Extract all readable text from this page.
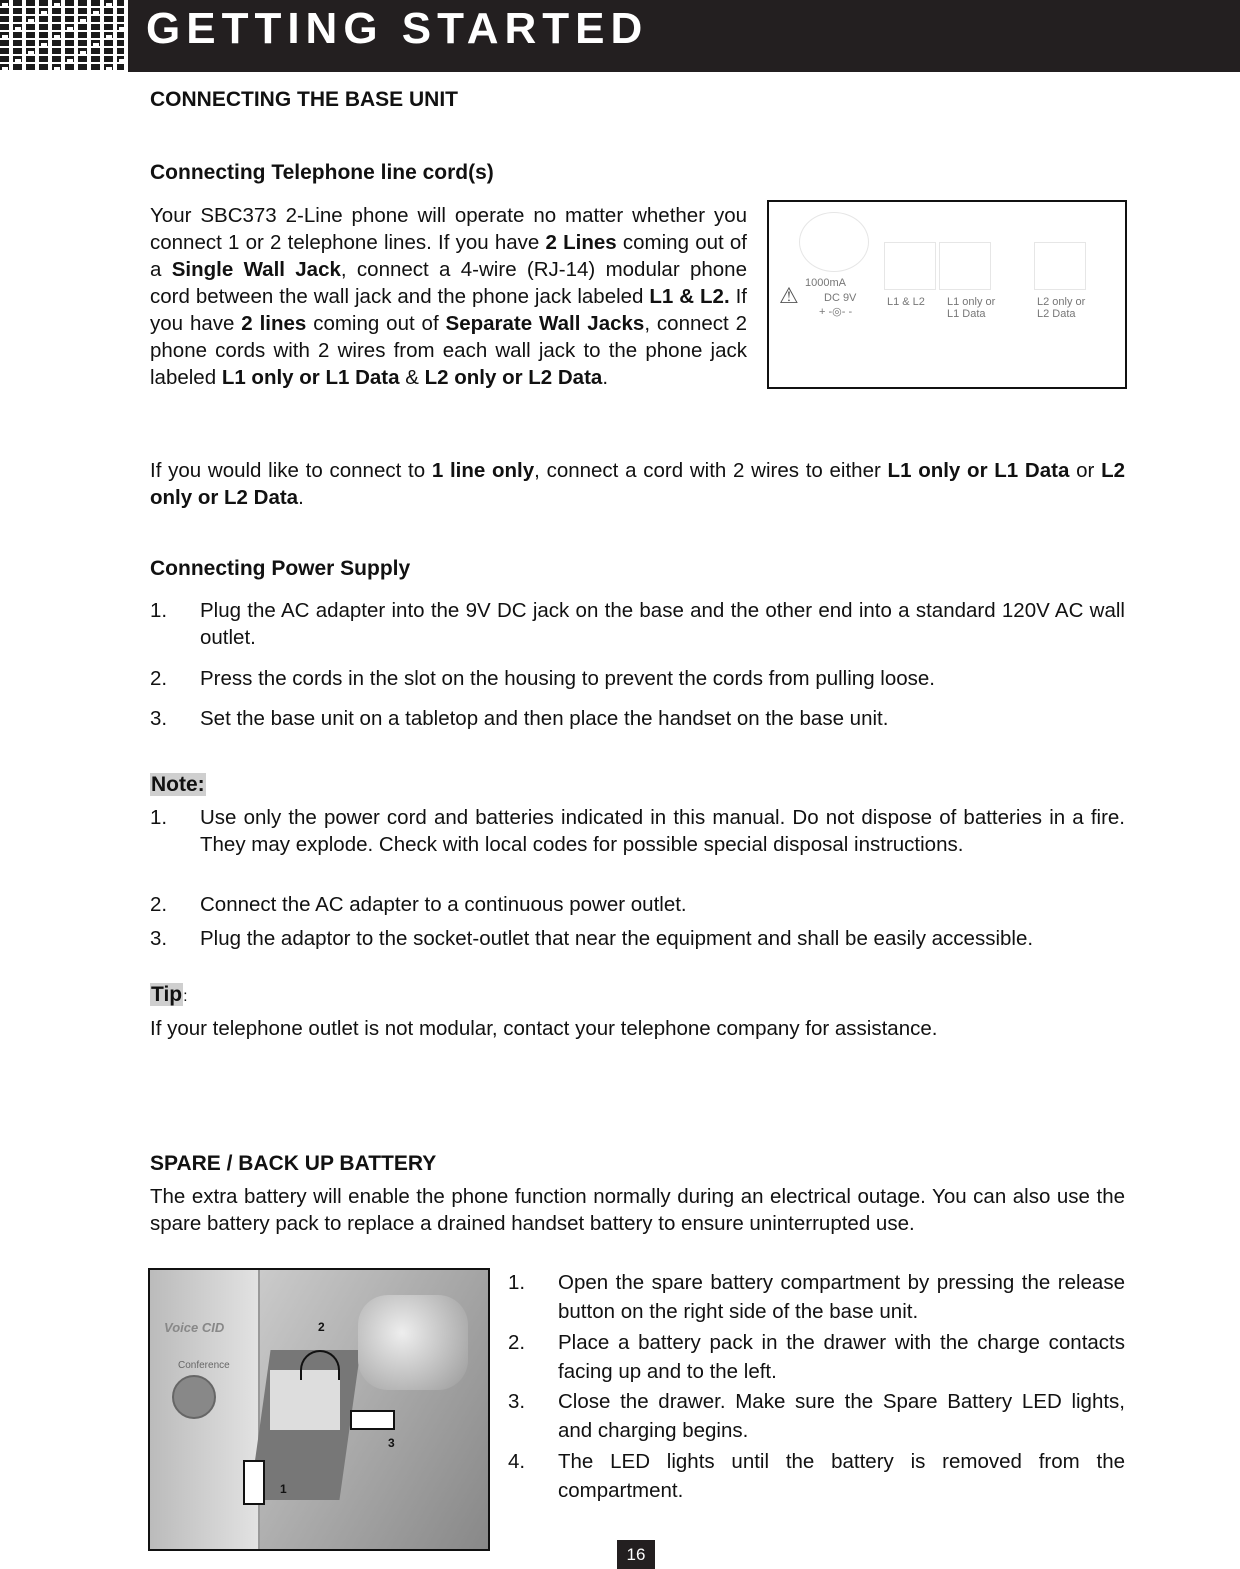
GETTING STARTED
CONNECTING THE BASE UNIT
Connecting Telephone line cord(s)
Your SBC373 2-Line phone will operate no matter whether you connect 1 or 2 telephone lines. If you have 2 Lines coming out of a Single Wall Jack, connect a 4-wire (RJ-14) modular phone cord between the wall jack and the phone jack labeled L1 & L2. If you have 2 lines coming out of Separate Wall Jacks, connect 2 phone cords with 2 wires from each wall jack to the phone jack labeled L1 only or L1 Data & L2 only or L2 Data.
1000mA
⚠ DC 9V
+ -◎- -
L1 & L2 L1 only or
L1 Data
L2 only or
L2 Data
If you would like to connect to 1 line only, connect a cord with 2 wires to either L1 only or L1 Data or L2 only or L2 Data.
Connecting Power Supply
Note:
Tip:
If your telephone outlet is not modular, contact your telephone company for assistance.
SPARE / BACK UP BATTERY
The extra battery will enable the phone function normally during an electrical outage. You can also use the spare battery pack to replace a drained handset battery to ensure uninterrupted use.
Voice CID
Conference
1
2
3
16
1. Plug the AC adapter into the 9V DC jack on the base and the other end into a standard 120V AC wall outlet.
2. Press the cords in the slot on the housing to prevent the cords from pulling loose.
3. Set the base unit on a tabletop and then place the handset on the base unit.
1. Use only the power cord and batteries indicated in this manual. Do not dispose of batteries in a fire. They may explode. Check with local codes for possible special disposal instructions.
2. Connect the AC adapter to a continuous power outlet.
3. Plug the adaptor to the socket-outlet that near the equipment and shall be easily accessible.
1. Open the spare battery compartment by pressing the release button on the right side of the base unit.
2. Place a battery pack in the drawer with the charge contacts facing up and to the left.
3. Close the drawer. Make sure the Spare Battery LED lights, and charging begins.
4. The LED lights until the battery is removed from the compartment.
